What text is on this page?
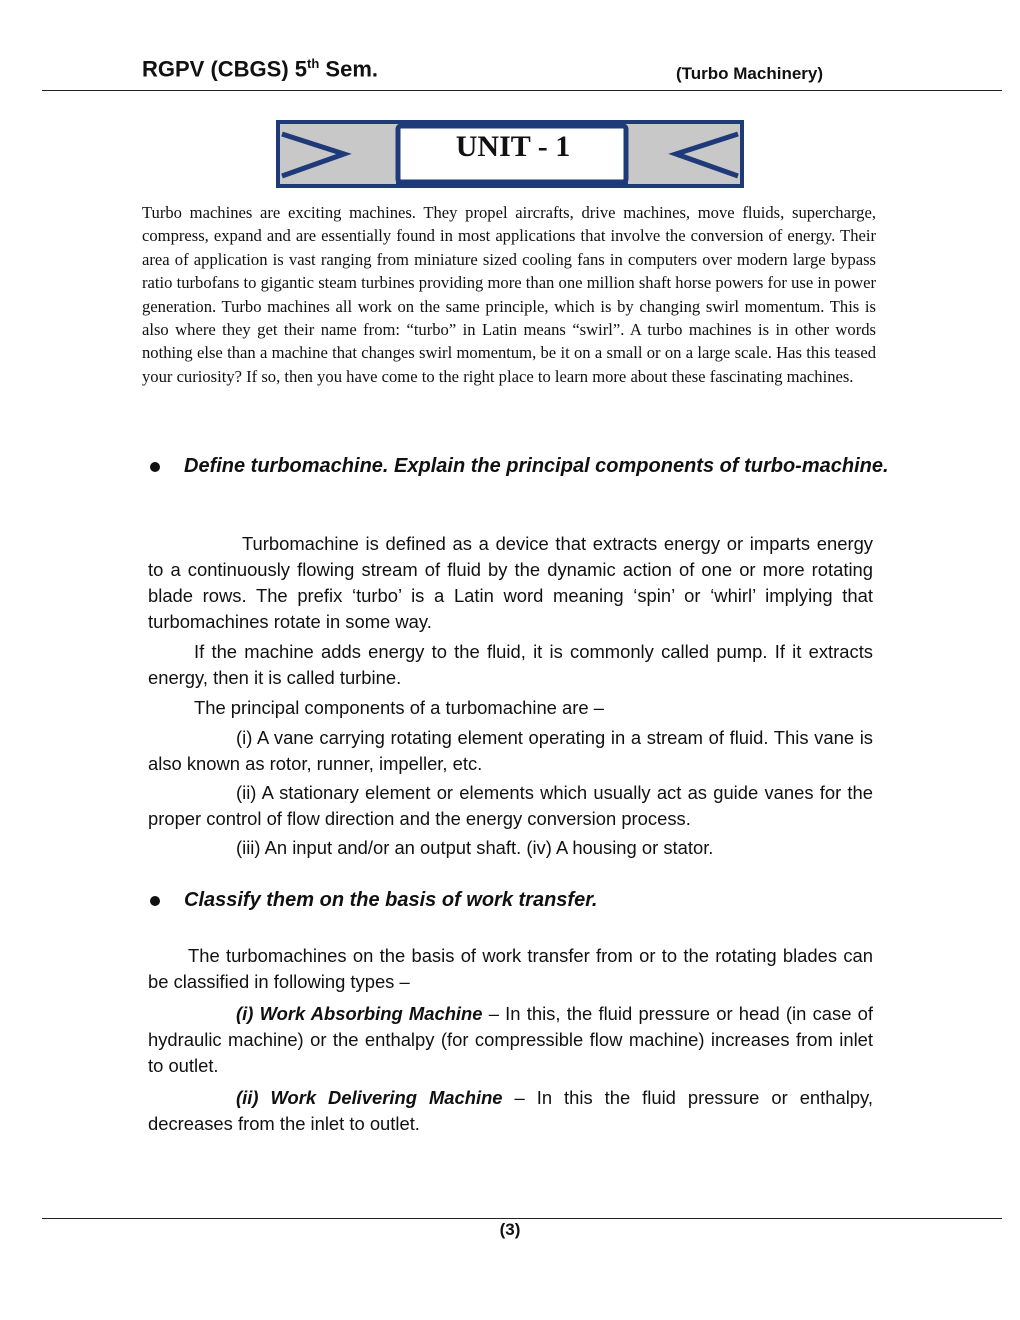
RGPV (CBGS) 5th Sem.	(Turbo Machinery)
UNIT - 1

Turbo machines are exciting machines. They propel aircrafts, drive machines, move fluids, supercharge, compress, expand and are essentially found in most applications that involve the conversion of energy. Their area of application is vast ranging from miniature sized cooling fans in computers over modern large bypass ratio turbofans to gigantic steam turbines providing more than one million shaft horse powers for use in power generation. Turbo machines all work on the same principle, which is by changing swirl momentum. This is also where they get their name from: “turbo” in Latin means “swirl”. A turbo machines is in other words nothing else than a machine that changes swirl momentum, be it on a small or on a large scale. Has this teased your curiosity? If so, then you have come to the right place to learn more about these fascinating machines.

Define turbomachine. Explain the principal components of turbo-machine.

Turbomachine is defined as a device that extracts energy or imparts energy to a continuously flowing stream of fluid by the dynamic action of one or more rotating blade rows. The prefix ‘turbo’ is a Latin word meaning ‘spin’ or ‘whirl’ implying that turbomachines rotate in some way.

If the machine adds energy to the fluid, it is commonly called pump. If it extracts energy, then it is called turbine.

The principal components of a turbomachine are –

(i) A vane carrying rotating element operating in a stream of fluid. This vane is also known as rotor, runner, impeller, etc.

(ii) A stationary element or elements which usually act as guide vanes for the proper control of flow direction and the energy conversion process.

(iii) An input and/or an output shaft. (iv) A housing or stator.

Classify them on the basis of work transfer.

The turbomachines on the basis of work transfer from or to the rotating blades can be classified in following types –

(i) Work Absorbing Machine – In this, the fluid pressure or head (in case of hydraulic machine) or the enthalpy (for compressible flow machine) increases from inlet to outlet.

(ii) Work Delivering Machine – In this the fluid pressure or enthalpy, decreases from the inlet to outlet.

(3)
